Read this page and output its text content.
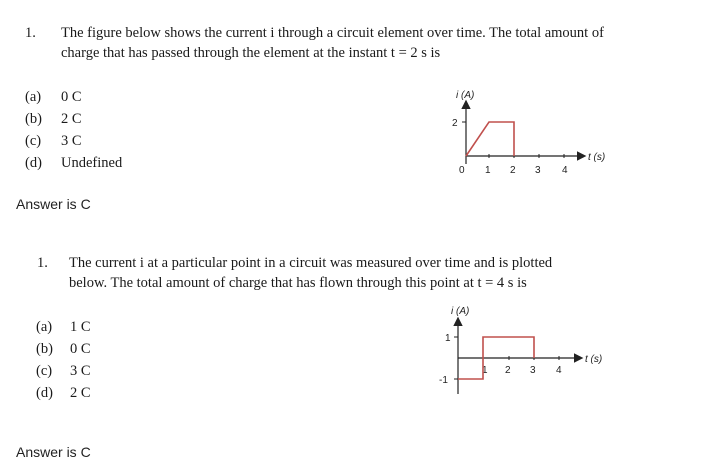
1. The figure below shows the current i through a circuit element over time. The total amount of
charge that has passed through the element at the instant t = 2 s is
(a) 0 C
(b) 2 C
(c) 3 C
(d) Undefined
i (A)
2
0 1 2 3 4
t (s)
Answer is C
1. The current i at a particular point in a circuit was measured over time and is plotted
below. The total amount of charge that has flown through this point at t = 4 s is
(a) 1 C
(b) 0 C
(c) 3 C
(d) 2 C
i (A)
1
-1
1 2 3 4
t (s)
Answer is C
